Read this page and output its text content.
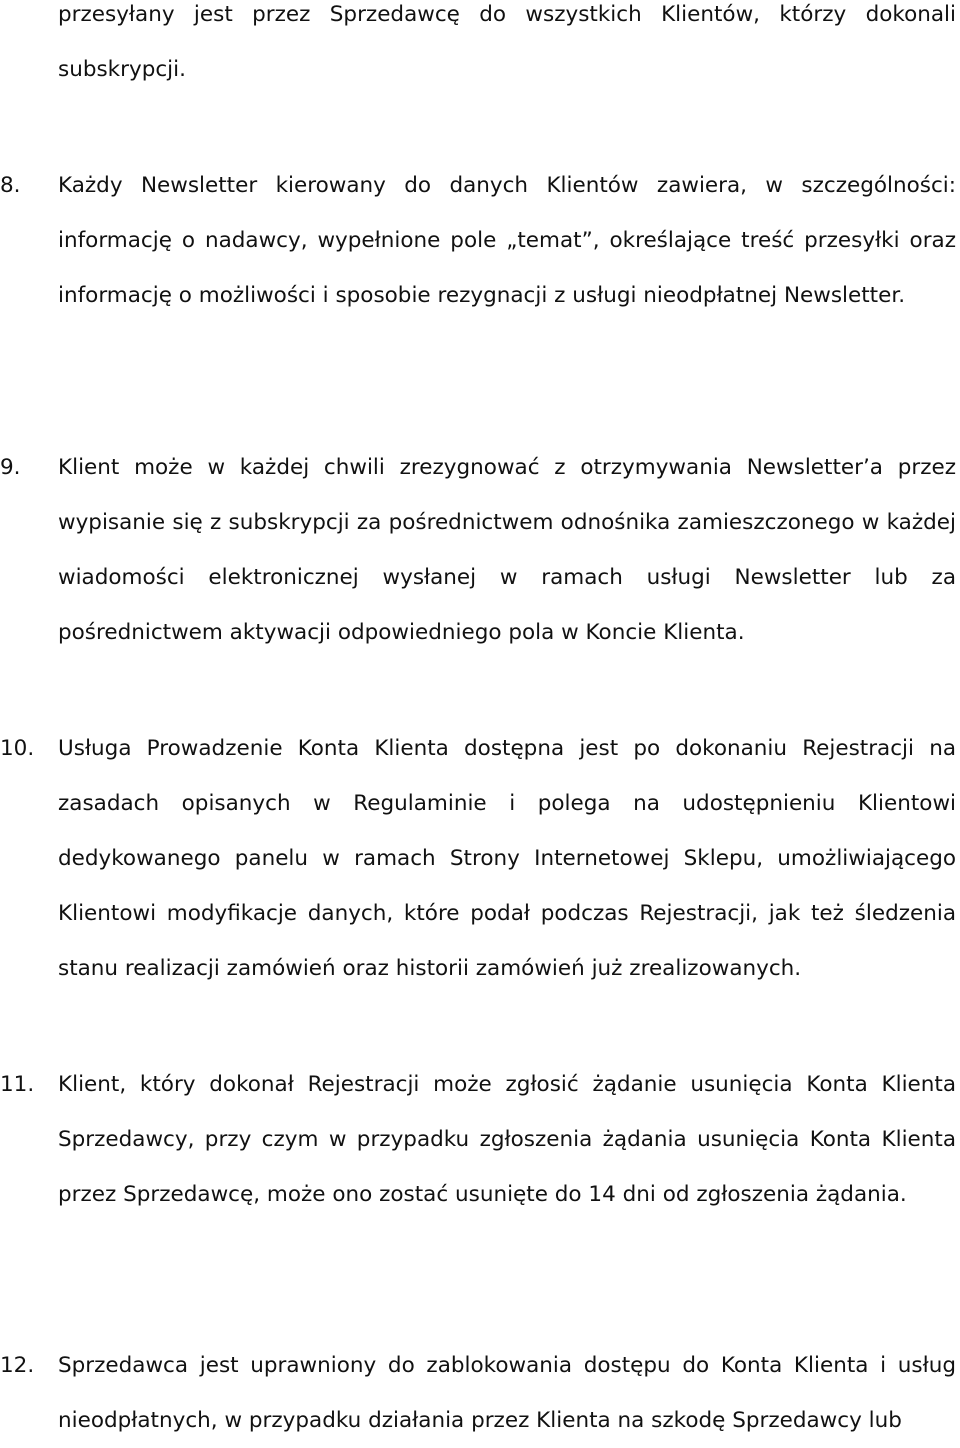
przesyłany jest przez Sprzedawcę do wszystkich Klientów, którzy dokonali subskrypcji.

8.	Każdy Newsletter kierowany do danych Klientów zawiera, w szczególności: informację o nadawcy, wypełnione pole „temat”, określające treść przesyłki oraz informację o możliwości i sposobie rezygnacji z usługi nieodpłatnej Newsletter.

9.	Klient może w każdej chwili zrezygnować z otrzymywania Newsletter’a przez wypisanie się z subskrypcji za pośrednictwem odnośnika zamieszczonego w każdej wiadomości elektronicznej wysłanej w ramach usługi Newsletter lub za pośrednictwem aktywacji odpowiedniego pola w Koncie Klienta.

10.	Usługa Prowadzenie Konta Klienta dostępna jest po dokonaniu Rejestracji na zasadach opisanych w Regulaminie i polega na udostępnieniu Klientowi dedykowanego panelu w ramach Strony Internetowej Sklepu, umożliwiającego Klientowi modyfikacje danych, które podał podczas Rejestracji, jak też śledzenia stanu realizacji zamówień oraz historii zamówień już zrealizowanych.

11.	Klient, który dokonał Rejestracji może zgłosić żądanie usunięcia Konta Klienta Sprzedawcy, przy czym w przypadku zgłoszenia żądania usunięcia Konta Klienta przez Sprzedawcę, może ono zostać usunięte do 14 dni od zgłoszenia żądania.

12.	Sprzedawca jest uprawniony do zablokowania dostępu do Konta Klienta i usług nieodpłatnych, w przypadku działania przez Klienta na szkodę Sprzedawcy lub
